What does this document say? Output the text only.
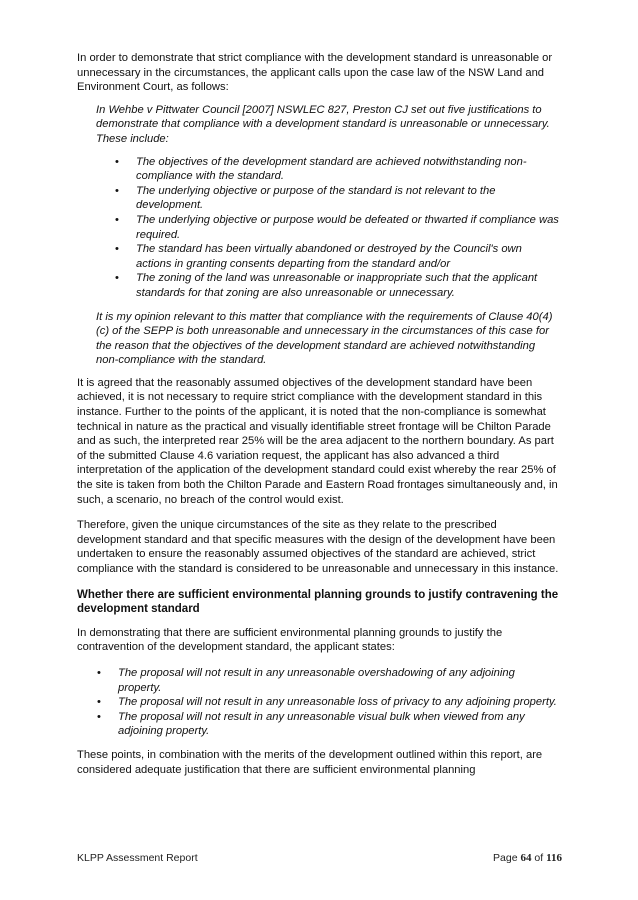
In order to demonstrate that strict compliance with the development standard is unreasonable or unnecessary in the circumstances, the applicant calls upon the case law of the NSW Land and Environment Court, as follows:

In Wehbe v Pittwater Council [2007] NSWLEC 827, Preston CJ set out five justifications to demonstrate that compliance with a development standard is unreasonable or unnecessary. These include:

• The objectives of the development standard are achieved notwithstanding non-compliance with the standard.
• The underlying objective or purpose of the standard is not relevant to the development.
• The underlying objective or purpose would be defeated or thwarted if compliance was required.
• The standard has been virtually abandoned or destroyed by the Council's own actions in granting consents departing from the standard and/or
• The zoning of the land was unreasonable or inappropriate such that the applicant standards for that zoning are also unreasonable or unnecessary.

It is my opinion relevant to this matter that compliance with the requirements of Clause 40(4)(c) of the SEPP is both unreasonable and unnecessary in the circumstances of this case for the reason that the objectives of the development standard are achieved notwithstanding non-compliance with the standard.

It is agreed that the reasonably assumed objectives of the development standard have been achieved, it is not necessary to require strict compliance with the development standard in this instance. Further to the points of the applicant, it is noted that the non-compliance is somewhat technical in nature as the practical and visually identifiable street frontage will be Chilton Parade and as such, the interpreted rear 25% will be the area adjacent to the northern boundary. As part of the submitted Clause 4.6 variation request, the applicant has also advanced a third interpretation of the application of the development standard could exist whereby the rear 25% of the site is taken from both the Chilton Parade and Eastern Road frontages simultaneously and, in such, a scenario, no breach of the control would exist.

Therefore, given the unique circumstances of the site as they relate to the prescribed development standard and that specific measures with the design of the development have been undertaken to ensure the reasonably assumed objectives of the standard are achieved, strict compliance with the standard is considered to be unreasonable and unnecessary in this instance.

Whether there are sufficient environmental planning grounds to justify contravening the development standard

In demonstrating that there are sufficient environmental planning grounds to justify the contravention of the development standard, the applicant states:

• The proposal will not result in any unreasonable overshadowing of any adjoining property.
• The proposal will not result in any unreasonable loss of privacy to any adjoining property.
• The proposal will not result in any unreasonable visual bulk when viewed from any adjoining property.

These points, in combination with the merits of the development outlined within this report, are considered adequate justification that there are sufficient environmental planning

KLPP Assessment Report	Page 64 of 116
